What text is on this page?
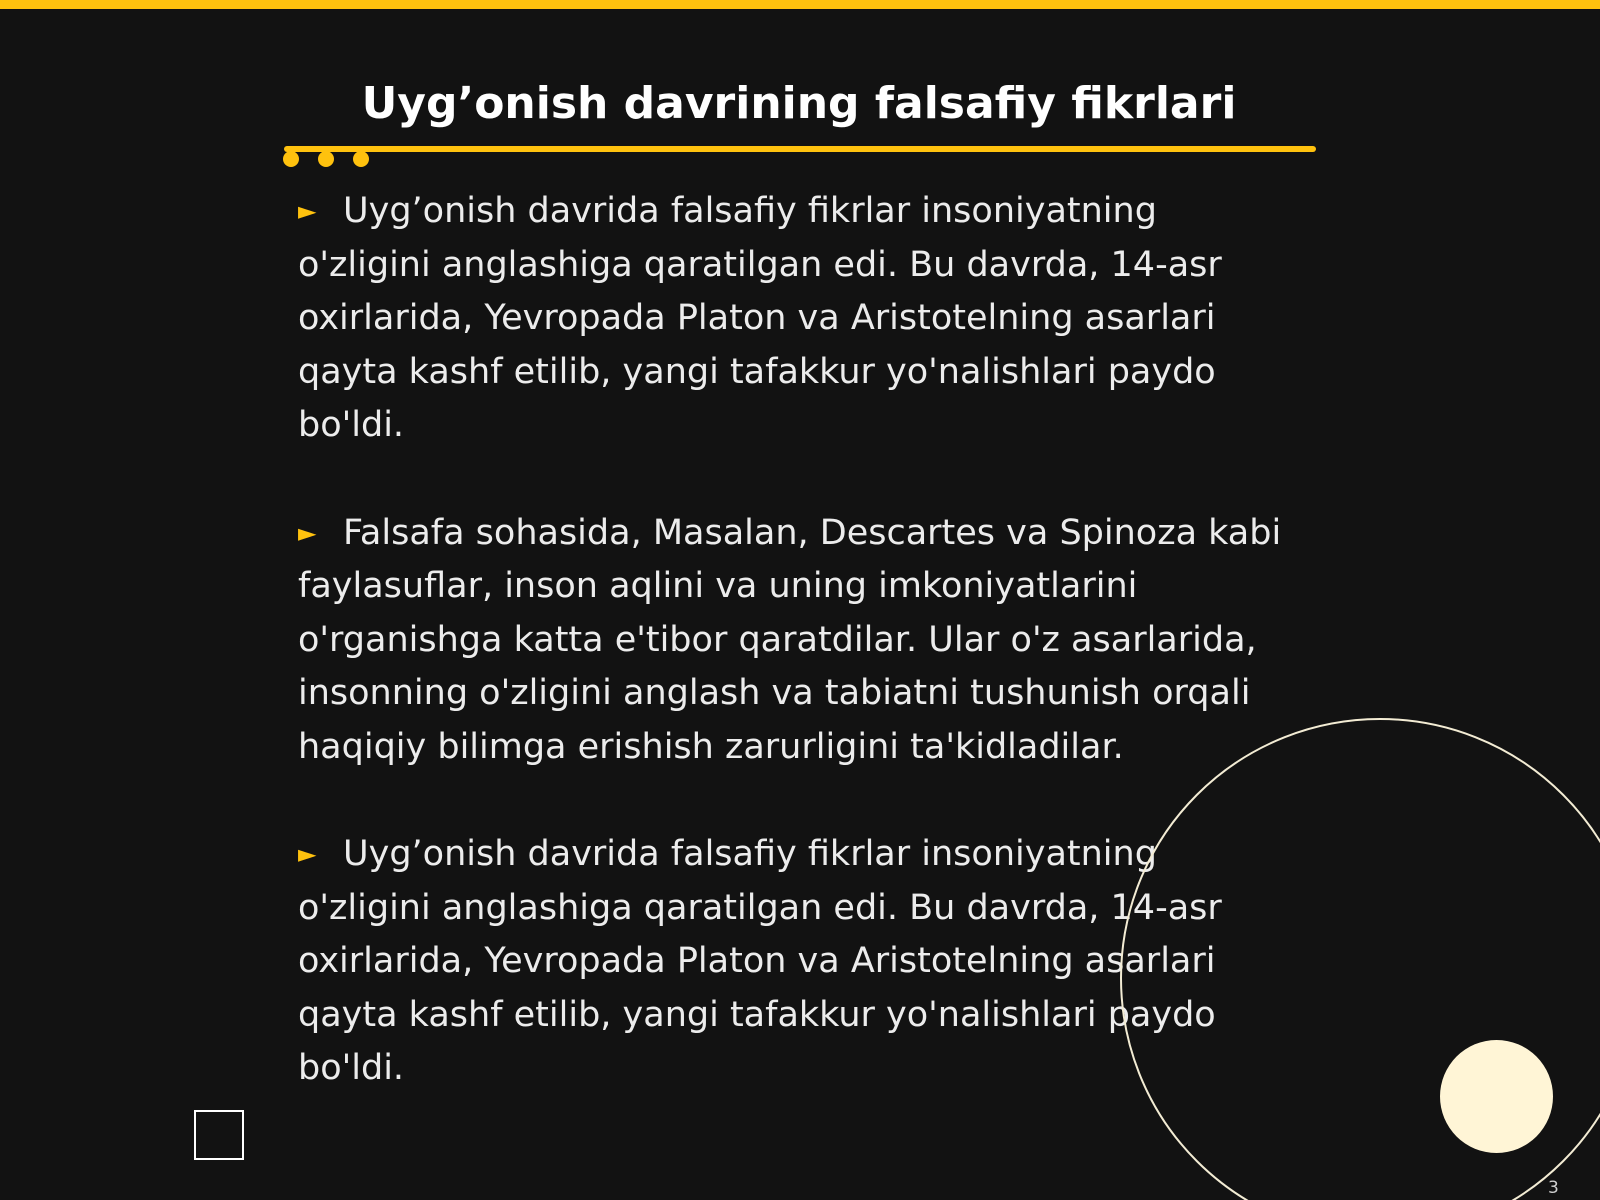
Uyg’onish davrining falsafiy fikrlari

► Uyg’onish davrida falsafiy fikrlar insoniyatning o'zligini anglashiga qaratilgan edi. Bu davrda, 14-asr oxirlarida, Yevropada Platon va Aristotelning asarlari qayta kashf etilib, yangi tafakkur yo'nalishlari paydo bo'ldi.

► Falsafa sohasida, Masalan, Descartes va Spinoza kabi faylasuflar, inson aqlini va uning imkoniyatlarini o'rganishga katta e'tibor qaratdilar. Ular o'z asarlarida, insonning o'zligini anglash va tabiatni tushunish orqali haqiqiy bilimga erishish zarurligini ta'kidladilar.

► Uyg’onish davrida falsafiy fikrlar insoniyatning o'zligini anglashiga qaratilgan edi. Bu davrda, 14-asr oxirlarida, Yevropada Platon va Aristotelning asarlari qayta kashf etilib, yangi tafakkur yo'nalishlari paydo bo'ldi.

3
